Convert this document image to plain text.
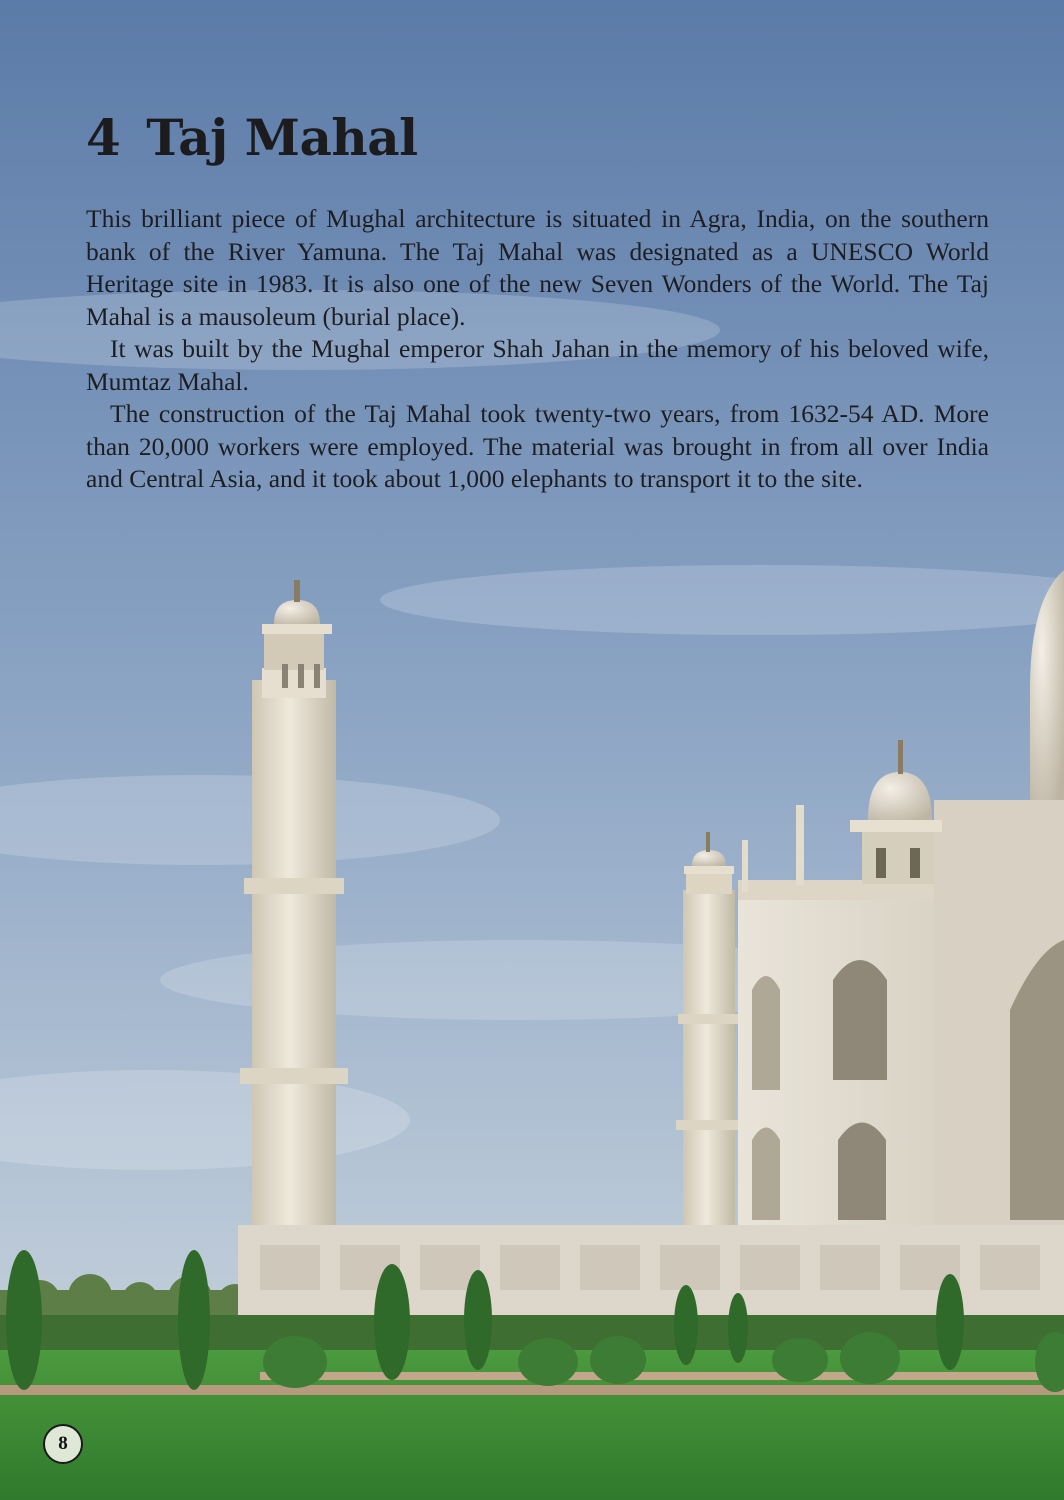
4 Taj Mahal

This brilliant piece of Mughal architecture is situated in Agra, India, on the southern bank of the River Yamuna. The Taj Mahal was designated as a UNESCO World Heritage site in 1983. It is also one of the new Seven Wonders of the World. The Taj Mahal is a mausoleum (burial place).

It was built by the Mughal emperor Shah Jahan in the memory of his beloved wife, Mumtaz Mahal.

The construction of the Taj Mahal took twenty-two years, from 1632-54 AD. More than 20,000 workers were employed. The material was brought in from all over India and Central Asia, and it took about 1,000 elephants to transport it to the site.

8
